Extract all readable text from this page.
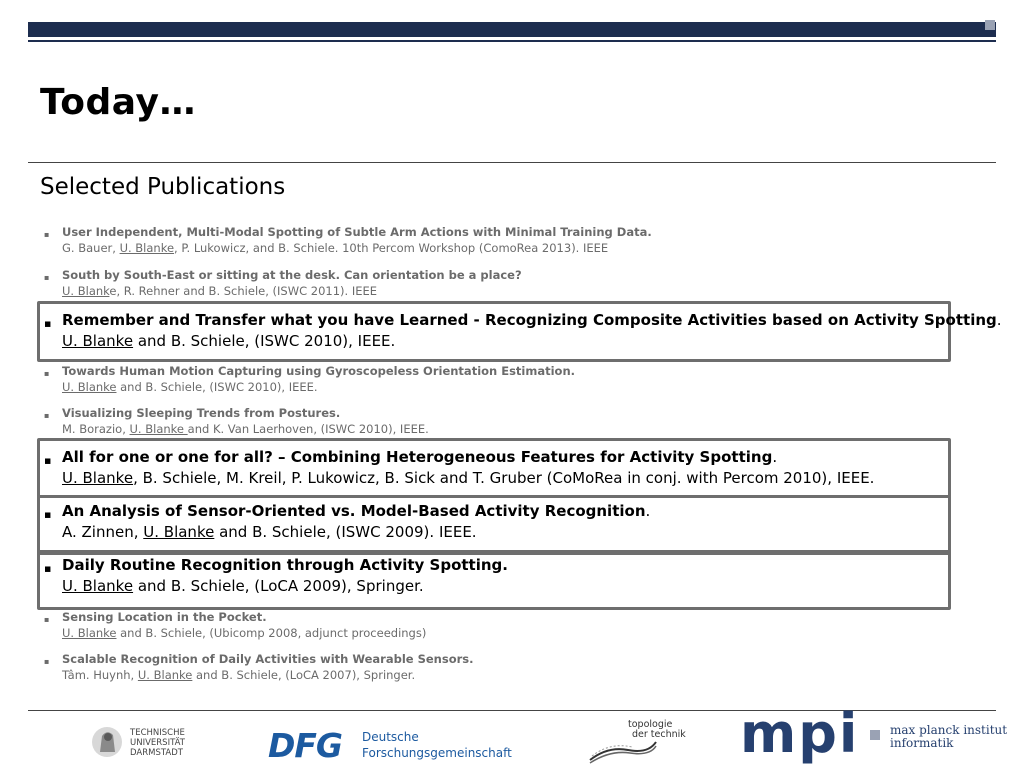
Today…
Selected Publications
▪ User Independent, Multi-Modal Spotting of Subtle Arm Actions with Minimal Training Data.
G. Bauer, U. Blanke, P. Lukowicz, and B. Schiele. 10th Percom Workshop (ComoRea 2013). IEEE
▪ South by South-East or sitting at the desk. Can orientation be a place?
U. Blanke, R. Rehner and B. Schiele, (ISWC 2011). IEEE
▪ Remember and Transfer what you have Learned - Recognizing Composite Activities based on Activity Spotting.
U. Blanke and B. Schiele, (ISWC 2010), IEEE.
▪ Towards Human Motion Capturing using Gyroscopeless Orientation Estimation.
U. Blanke and B. Schiele, (ISWC 2010), IEEE.
▪ Visualizing Sleeping Trends from Postures.
M. Borazio, U. Blanke and K. Van Laerhoven, (ISWC 2010), IEEE.
▪ All for one or one for all? – Combining Heterogeneous Features for Activity Spotting.
U. Blanke, B. Schiele, M. Kreil, P. Lukowicz, B. Sick and T. Gruber (CoMoRea in conj. with Percom 2010), IEEE.
▪ An Analysis of Sensor-Oriented vs. Model-Based Activity Recognition.
A. Zinnen, U. Blanke and B. Schiele, (ISWC 2009). IEEE.
▪ Daily Routine Recognition through Activity Spotting.
U. Blanke and B. Schiele, (LoCA 2009), Springer.
▪ Sensing Location in the Pocket.
U. Blanke and B. Schiele, (Ubicomp 2008, adjunct proceedings)
▪ Scalable Recognition of Daily Activities with Wearable Sensors.
Tâm. Huynh, U. Blanke and B. Schiele, (LoCA 2007), Springer.
TECHNISCHE
UNIVERSITÄT
DARMSTADT	DFG Deutsche
Forschungsgemeinschaft
topologie
der technik mpi	max planck institut
informatik
